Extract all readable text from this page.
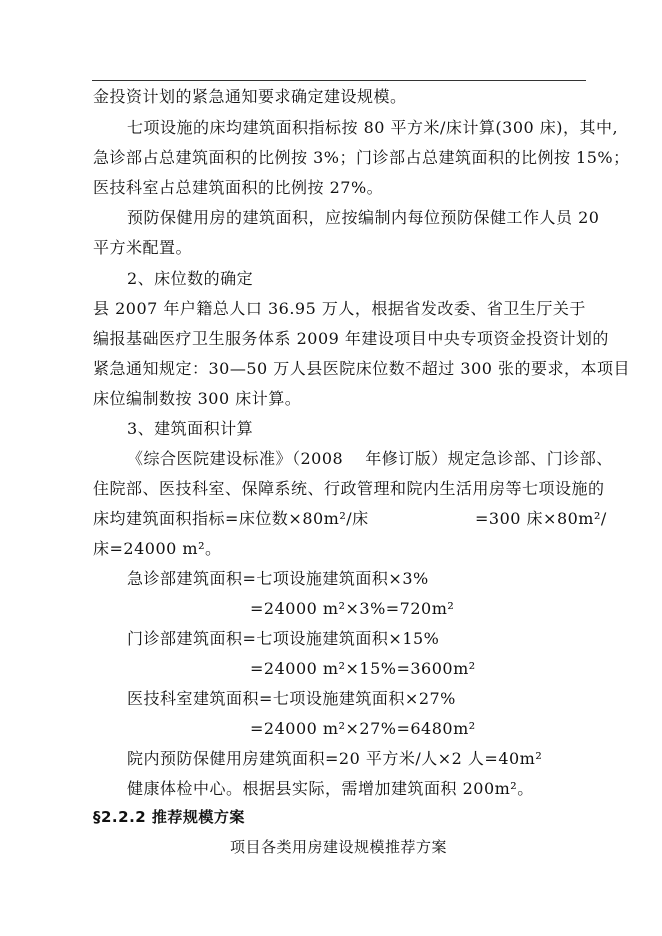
金投资计划的紧急通知要求确定建设规模。
七项设施的床均建筑面积指标按 80 平方米/床计算(300 床)，其中,
急诊部占总建筑面积的比例按 3%；门诊部占总建筑面积的比例按 15%；
医技科室占总建筑面积的比例按 27%。
预防保健用房的建筑面积，应按编制内每位预防保健工作人员 20
平方米配置。
2、床位数的确定
县 2007 年户籍总人口 36.95 万人，根据省发改委、省卫生厅关于
编报基础医疗卫生服务体系 2009 年建设项目中央专项资金投资计划的
紧急通知规定：30—50 万人县医院床位数不超过 300 张的要求，本项目
床位编制数按 300 床计算。
3、建筑面积计算
《综合医院建设标准》（2008　 年修订版）规定急诊部、门诊部、
住院部、医技科室、保障系统、行政管理和院内生活用房等七项设施的
床均建筑面积指标=床位数×80m²/床	=300 床×80m²/
床=24000 m²。
急诊部建筑面积=七项设施建筑面积×3%
=24000 m²×3%=720m²
门诊部建筑面积=七项设施建筑面积×15%
=24000 m²×15%=3600m²
医技科室建筑面积=七项设施建筑面积×27%
=24000 m²×27%=6480m²
院内预防保健用房建筑面积=20 平方米/人×2 人=40m²
健康体检中心。根据县实际，需增加建筑面积 200m²。
§2.2.2 推荐规模方案
项目各类用房建设规模推荐方案
